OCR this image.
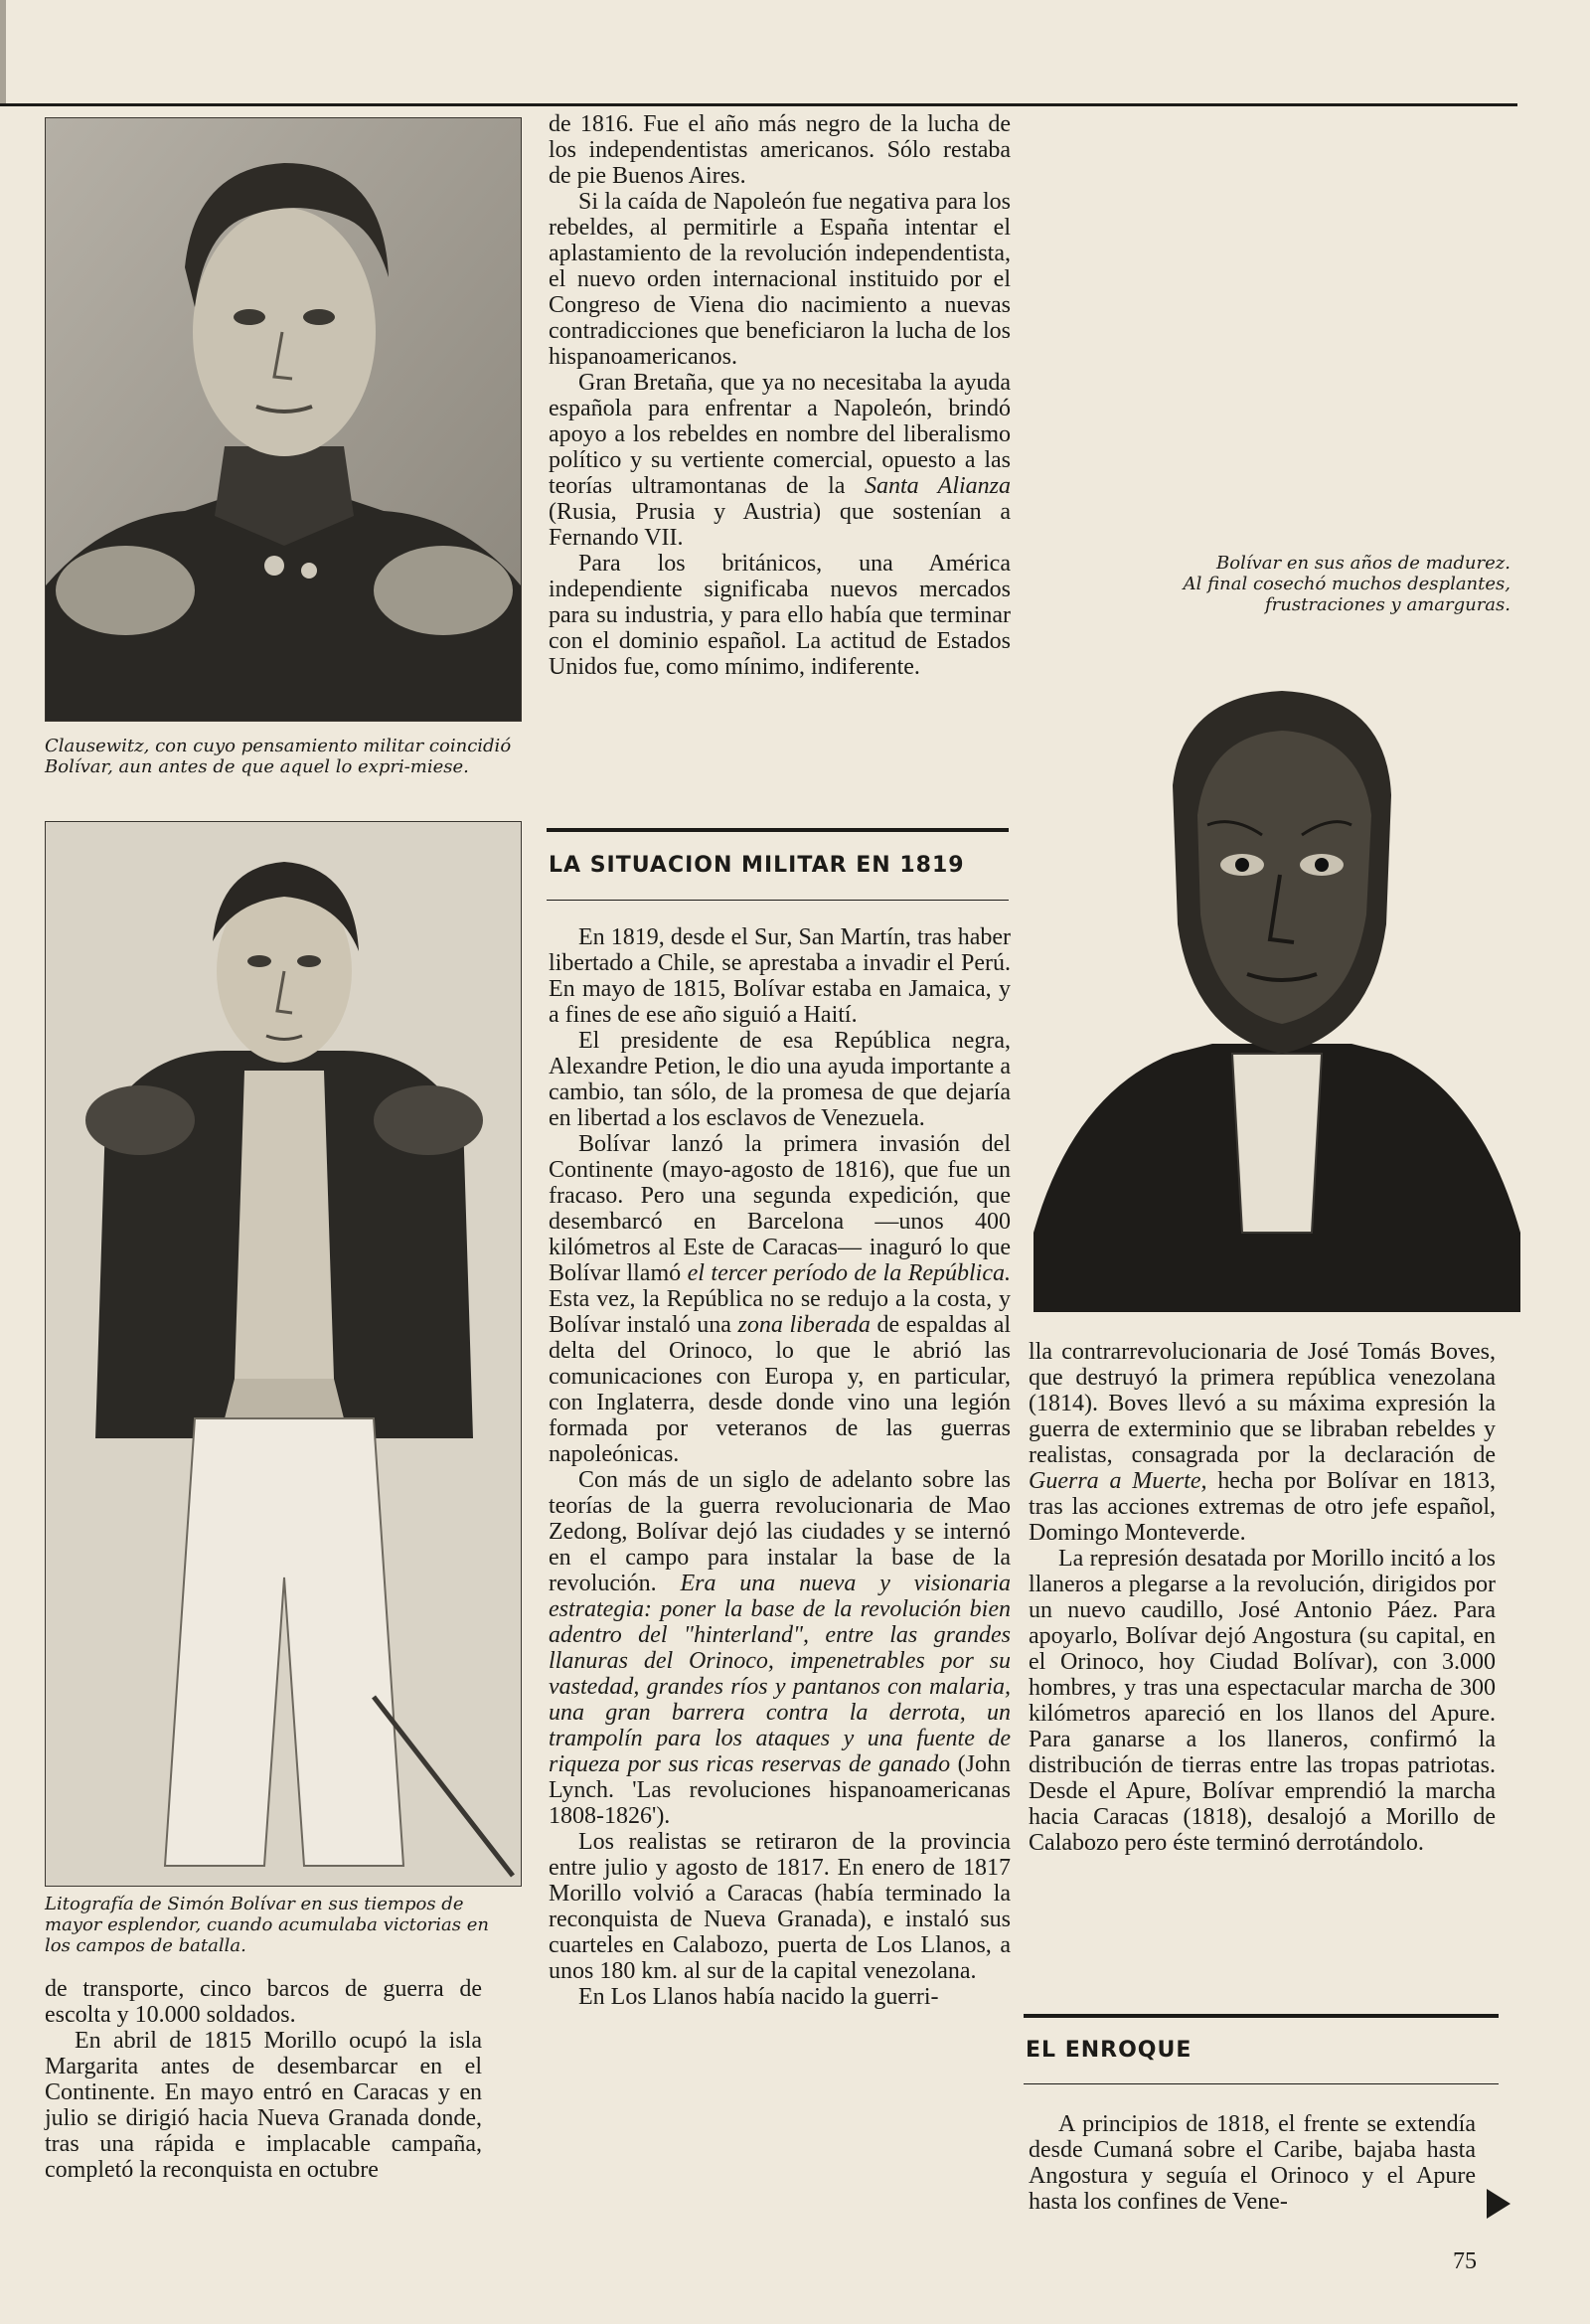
Clausewitz, con cuyo pensamiento militar coincidió Bolívar, aun antes de que aquel lo expri-miese.
Litografía de Simón Bolívar en sus tiempos de mayor esplendor, cuando acumulaba victorias en los campos de batalla.

de transporte, cinco barcos de guerra de escolta y 10.000 soldados.

En abril de 1815 Morillo ocupó la isla Margarita antes de desembarcar en el Continente. En mayo entró en Caracas y en julio se dirigió hacia Nueva Granada donde, tras una rápida e implacable campaña, completó la reconquista en octubre

de 1816. Fue el año más negro de la lucha de los independentistas americanos. Sólo restaba de pie Buenos Aires.

Si la caída de Napoleón fue negativa para los rebeldes, al permitirle a España intentar el aplastamiento de la revolución independentista, el nuevo orden internacional instituido por el Congreso de Viena dio nacimiento a nuevas contradicciones que beneficiaron la lucha de los hispanoamericanos.

Gran Bretaña, que ya no necesitaba la ayuda española para enfrentar a Napoleón, brindó apoyo a los rebeldes en nombre del liberalismo político y su vertiente comercial, opuesto a las teorías ultramontanas de la Santa Alianza (Rusia, Prusia y Austria) que sostenían a Fernando VII.

Para los británicos, una América independiente significaba nuevos mercados para su industria, y para ello había que terminar con el dominio español. La actitud de Estados Unidos fue, como mínimo, indiferente.

LA SITUACION MILITAR EN 1819

En 1819, desde el Sur, San Martín, tras haber libertado a Chile, se aprestaba a invadir el Perú. En mayo de 1815, Bolívar estaba en Jamaica, y a fines de ese año siguió a Haití.

El presidente de esa República negra, Alexandre Petion, le dio una ayuda importante a cambio, tan sólo, de la promesa de que dejaría en libertad a los esclavos de Venezuela.

Bolívar lanzó la primera invasión del Continente (mayo-agosto de 1816), que fue un fracaso. Pero una segunda expedición, que desembarcó en Barcelona —unos 400 kilómetros al Este de Caracas— inaguró lo que Bolívar llamó el tercer período de la República. Esta vez, la República no se redujo a la costa, y Bolívar instaló una zona liberada de espaldas al delta del Orinoco, lo que le abrió las comunicaciones con Europa y, en particular, con Inglaterra, desde donde vino una legión formada por veteranos de las guerras napoleónicas.

Con más de un siglo de adelanto sobre las teorías de la guerra revolucionaria de Mao Zedong, Bolívar dejó las ciudades y se internó en el campo para instalar la base de la revolución. Era una nueva y visionaria estrategia: poner la base de la revolución bien adentro del "hinterland", entre las grandes llanuras del Orinoco, impenetrables por su vastedad, grandes ríos y pantanos con malaria, una gran barrera contra la derrota, un trampolín para los ataques y una fuente de riqueza por sus ricas reservas de ganado (John Lynch. 'Las revoluciones hispanoamericanas 1808-1826').

Los realistas se retiraron de la provincia entre julio y agosto de 1817. En enero de 1817 Morillo volvió a Caracas (había terminado la reconquista de Nueva Granada), e instaló sus cuarteles en Calabozo, puerta de Los Llanos, a unos 180 km. al sur de la capital venezolana.

En Los Llanos había nacido la guerri-

Bolívar en sus años de madurez.
Al final cosechó muchos desplantes,
frustraciones y amarguras.

lla contrarrevolucionaria de José Tomás Boves, que destruyó la primera república venezolana (1814). Boves llevó a su máxima expresión la guerra de exterminio que se libraban rebeldes y realistas, consagrada por la declaración de Guerra a Muerte, hecha por Bolívar en 1813, tras las acciones extremas de otro jefe español, Domingo Monteverde.

La represión desatada por Morillo incitó a los llaneros a plegarse a la revolución, dirigidos por un nuevo caudillo, José Antonio Páez. Para apoyarlo, Bolívar dejó Angostura (su capital, en el Orinoco, hoy Ciudad Bolívar), con 3.000 hombres, y tras una espectacular marcha de 300 kilómetros apareció en los llanos del Apure. Para ganarse a los llaneros, confirmó la distribución de tierras entre las tropas patriotas. Desde el Apure, Bolívar emprendió la marcha hacia Caracas (1818), desalojó a Morillo de Calabozo pero éste terminó derrotándolo.

EL ENROQUE

A principios de 1818, el frente se extendía desde Cumaná sobre el Caribe, bajaba hasta Angostura y seguía el Orinoco y el Apure hasta los confines de Vene-

75
